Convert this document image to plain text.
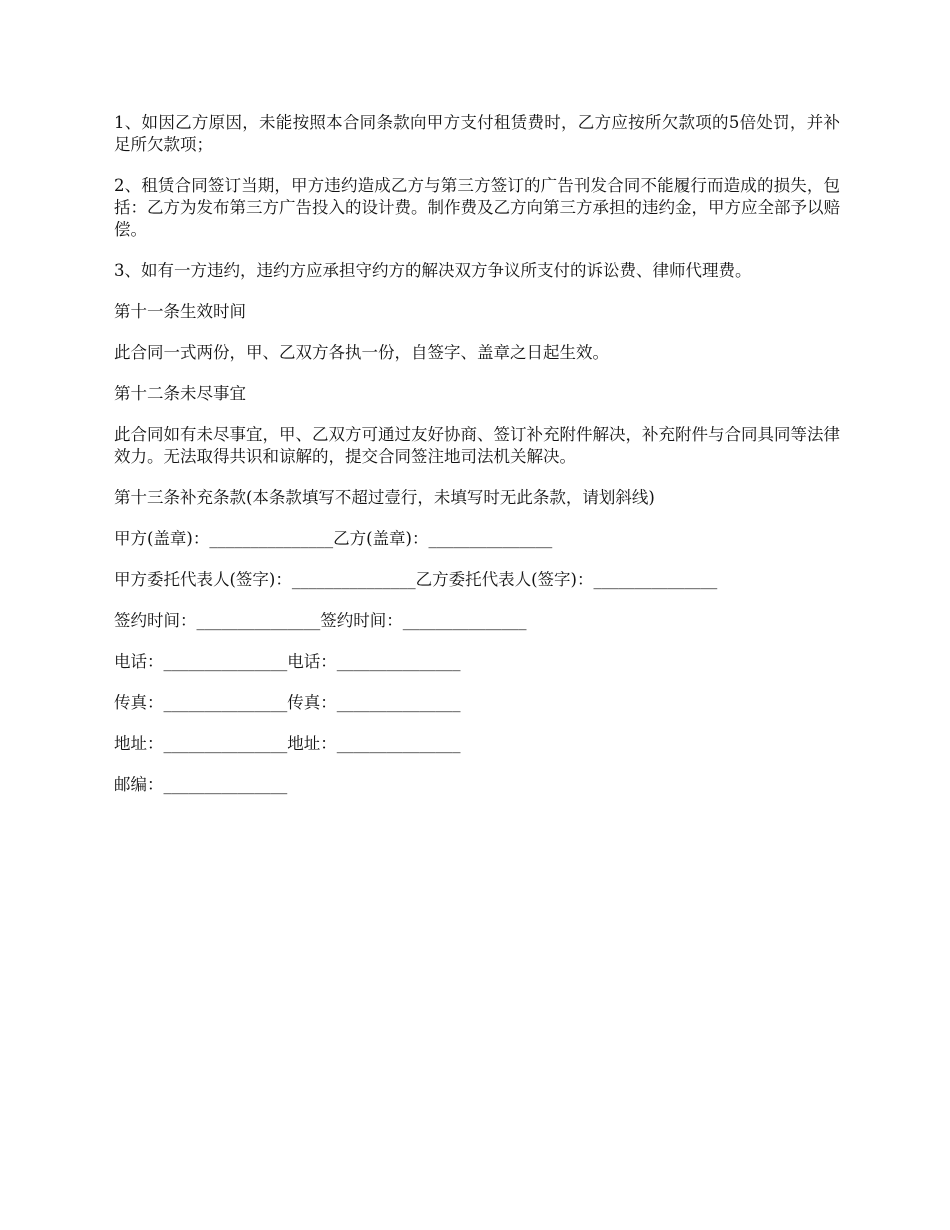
1、如因乙方原因，未能按照本合同条款向甲方支付租赁费时，乙方应按所欠款项的5倍处罚，并补足所欠款项；

2、租赁合同签订当期，甲方违约造成乙方与第三方签订的广告刊发合同不能履行而造成的损失，包括：乙方为发布第三方广告投入的设计费。制作费及乙方向第三方承担的违约金，甲方应全部予以赔偿。

3、如有一方违约，违约方应承担守约方的解决双方争议所支付的诉讼费、律师代理费。

第十一条生效时间

此合同一式两份，甲、乙双方各执一份，自签字、盖章之日起生效。

第十二条未尽事宜

此合同如有未尽事宜，甲、乙双方可通过友好协商、签订补充附件解决，补充附件与合同具同等法律效力。无法取得共识和谅解的，提交合同签注地司法机关解决。

第十三条补充条款(本条款填写不超过壹行，未填写时无此条款，请划斜线)

甲方(盖章)：_______________乙方(盖章)：_______________

甲方委托代表人(签字)：_______________乙方委托代表人(签字)：_______________

签约时间：_______________签约时间：_______________

电话：_______________电话：_______________

传真：_______________传真：_______________

地址：_______________地址：_______________

邮编：_______________
